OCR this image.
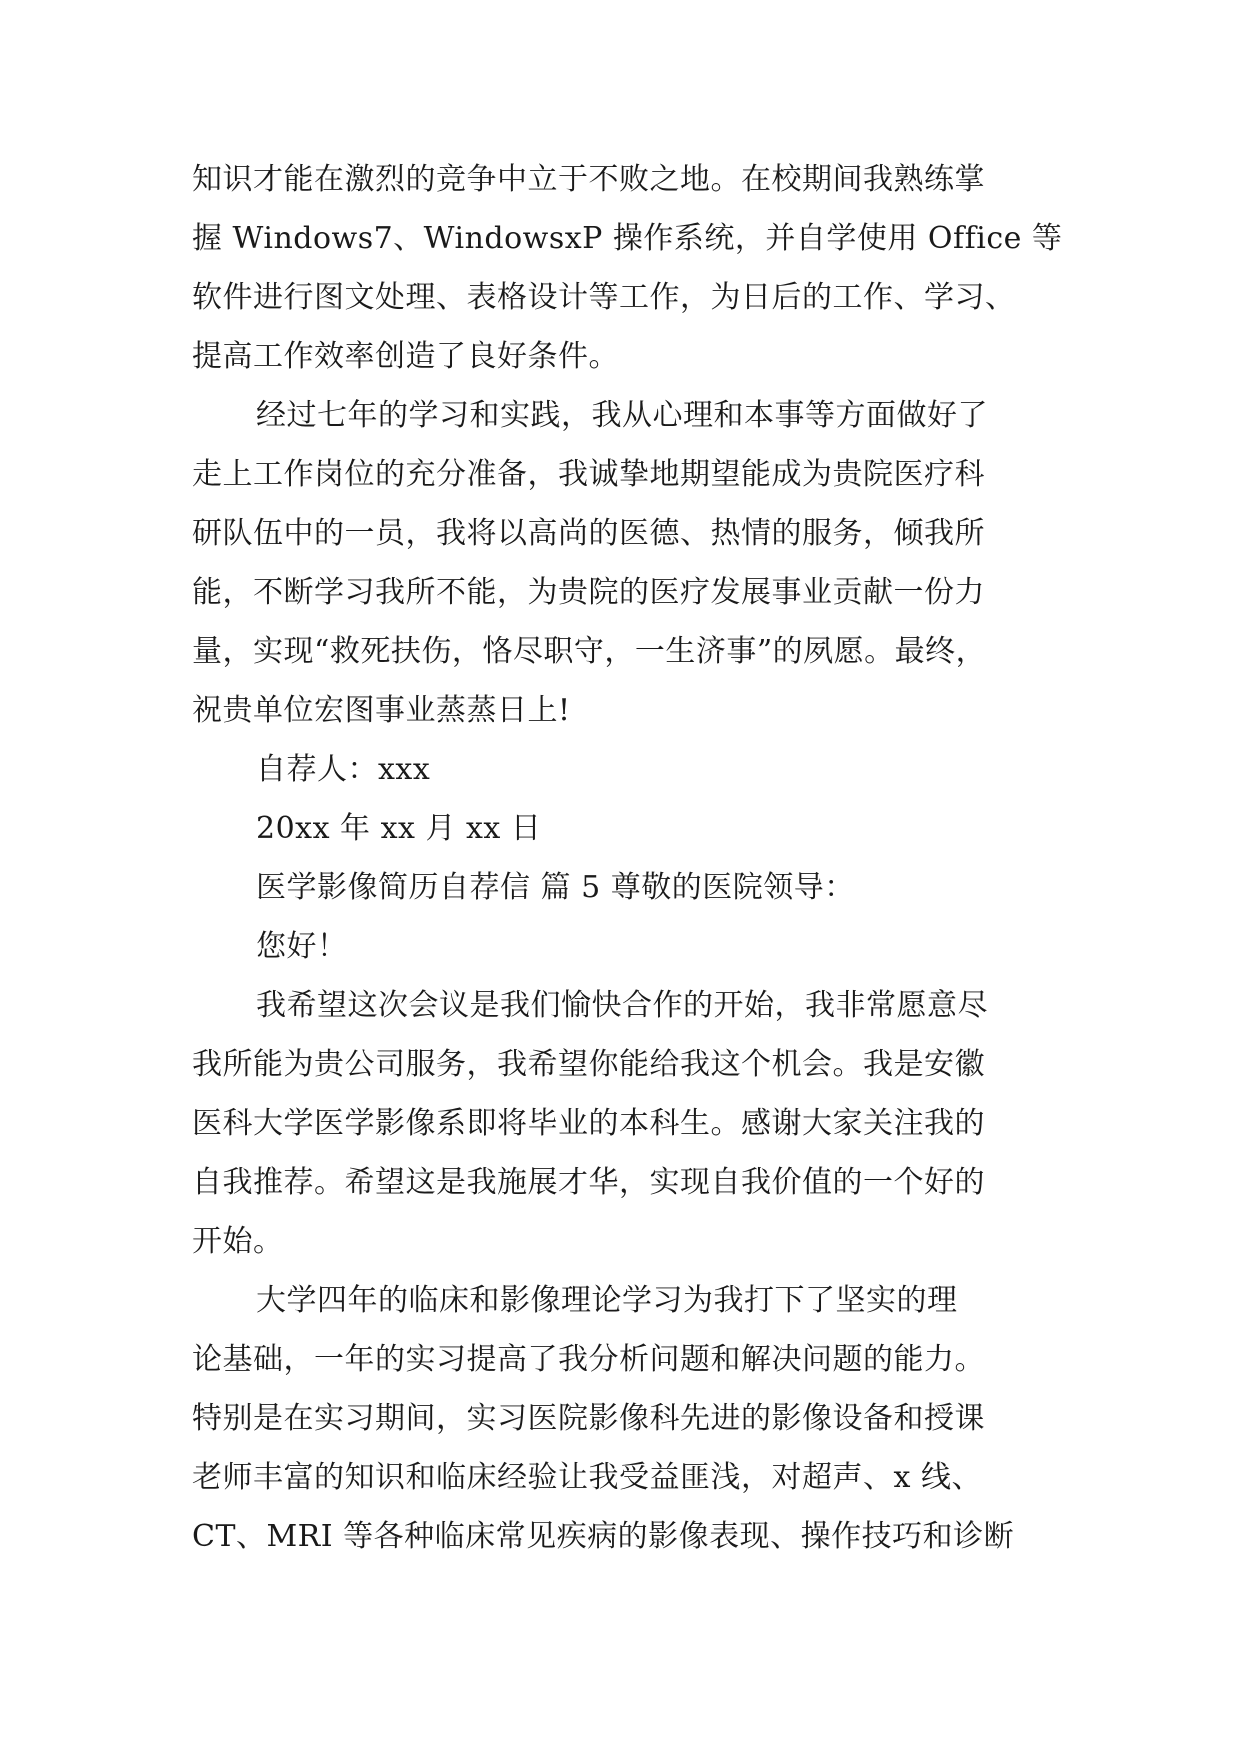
知识才能在激烈的竞争中立于不败之地。在校期间我熟练掌
握 Windows7、WindowsxP 操作系统，并自学使用 Office 等
软件进行图文处理、表格设计等工作，为日后的工作、学习、
提高工作效率创造了良好条件。
经过七年的学习和实践，我从心理和本事等方面做好了
走上工作岗位的充分准备，我诚挚地期望能成为贵院医疗科
研队伍中的一员，我将以高尚的医德、热情的服务，倾我所
能，不断学习我所不能，为贵院的医疗发展事业贡献一份力
量，实现“救死扶伤，恪尽职守，一生济事”的夙愿。最终，
祝贵单位宏图事业蒸蒸日上!
自荐人：xxx
20xx 年 xx 月 xx 日
医学影像简历自荐信 篇 5 尊敬的医院领导：
您好！
我希望这次会议是我们愉快合作的开始，我非常愿意尽
我所能为贵公司服务，我希望你能给我这个机会。我是安徽
医科大学医学影像系即将毕业的本科生。感谢大家关注我的
自我推荐。希望这是我施展才华，实现自我价值的一个好的
开始。
大学四年的临床和影像理论学习为我打下了坚实的理
论基础，一年的实习提高了我分析问题和解决问题的能力。
特别是在实习期间，实习医院影像科先进的影像设备和授课
老师丰富的知识和临床经验让我受益匪浅，对超声、x 线、
CT、MRI 等各种临床常见疾病的影像表现、操作技巧和诊断
